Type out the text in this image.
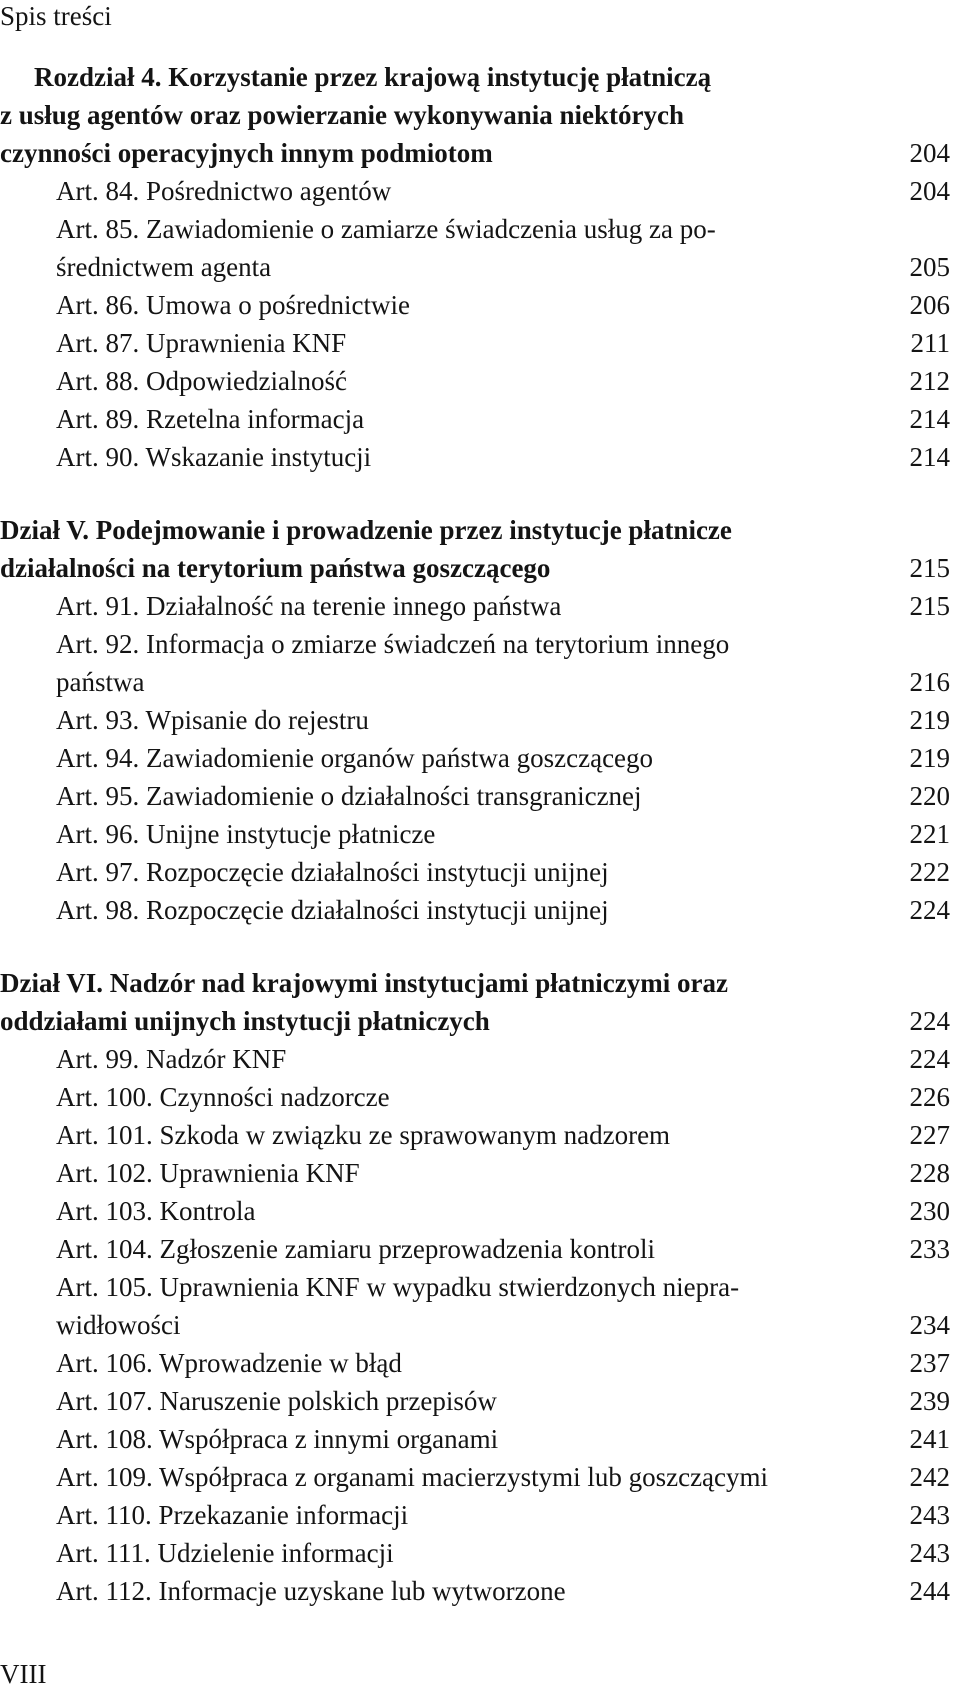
Spis treści
Rozdział 4. Korzystanie przez krajową instytucję płatniczą
z usług agentów oraz powierzanie wykonywania niektórych
czynności operacyjnych innym podmiotom	204
Art. 84. Pośrednictwo agentów	204
Art. 85. Zawiadomienie o zamiarze świadczenia usług za po-
średnictwem agenta	205
Art. 86. Umowa o pośrednictwie	206
Art. 87. Uprawnienia KNF	211
Art. 88. Odpowiedzialność	212
Art. 89. Rzetelna informacja	214
Art. 90. Wskazanie instytucji	214
Dział V. Podejmowanie i prowadzenie przez instytucje płatnicze
działalności na terytorium państwa goszczącego	215
Art. 91. Działalność na terenie innego państwa	215
Art. 92. Informacja o zmiarze świadczeń na terytorium innego
państwa	216
Art. 93. Wpisanie do rejestru	219
Art. 94. Zawiadomienie organów państwa goszczącego	219
Art. 95. Zawiadomienie o działalności transgranicznej	220
Art. 96. Unijne instytucje płatnicze	221
Art. 97. Rozpoczęcie działalności instytucji unijnej	222
Art. 98. Rozpoczęcie działalności instytucji unijnej	224
Dział VI. Nadzór nad krajowymi instytucjami płatniczymi oraz
oddziałami unijnych instytucji płatniczych	224
Art. 99. Nadzór KNF	224
Art. 100. Czynności nadzorcze	226
Art. 101. Szkoda w związku ze sprawowanym nadzorem	227
Art. 102. Uprawnienia KNF	228
Art. 103. Kontrola	230
Art. 104. Zgłoszenie zamiaru przeprowadzenia kontroli	233
Art. 105. Uprawnienia KNF w wypadku stwierdzonych niepra-
widłowości	234
Art. 106. Wprowadzenie w błąd	237
Art. 107. Naruszenie polskich przepisów	239
Art. 108. Współpraca z innymi organami	241
Art. 109. Współpraca z organami macierzystymi lub goszczącymi	242
Art. 110. Przekazanie informacji	243
Art. 111. Udzielenie informacji	243
Art. 112. Informacje uzyskane lub wytworzone	244
VIII
